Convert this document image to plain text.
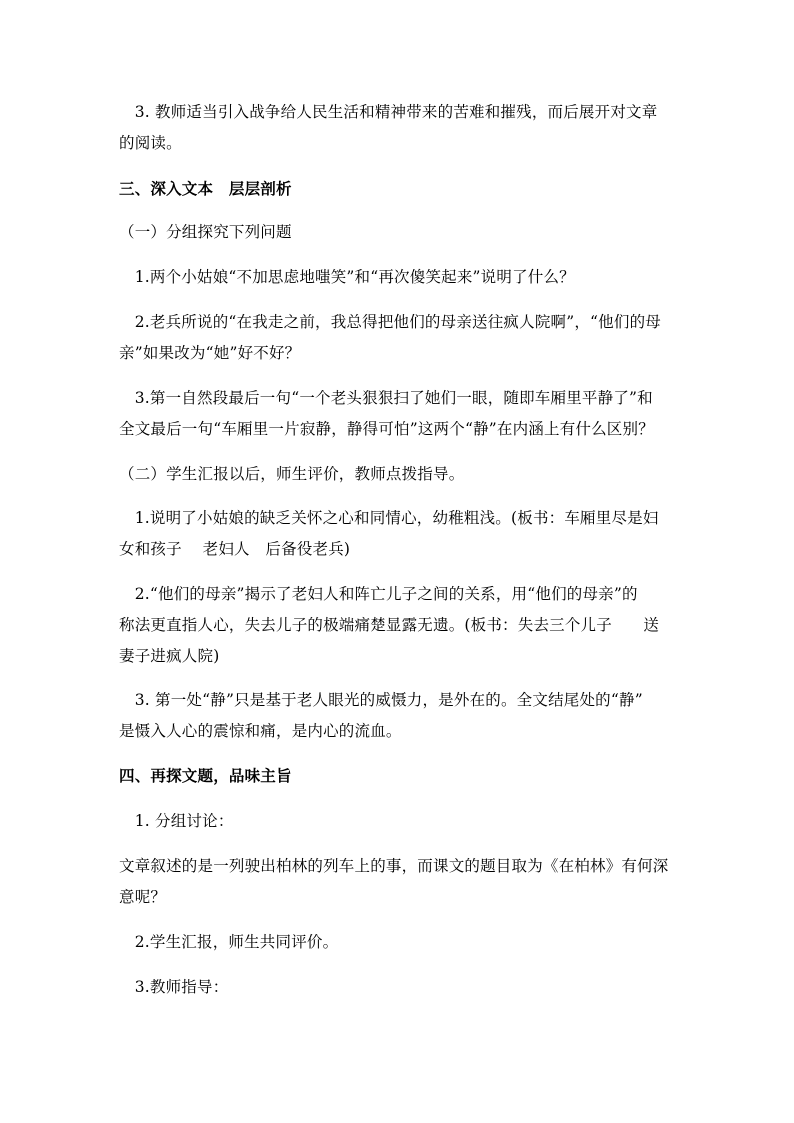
　3. 教师适当引入战争给人民生活和精神带来的苦难和摧残，而后展开对文章
的阅读。
三、深入文本　层层剖析
（一）分组探究下列问题
　1.两个小姑娘“不加思虑地嗤笑”和“再次傻笑起来”说明了什么？
　2.老兵所说的“在我走之前，我总得把他们的母亲送往疯人院啊”，“他们的母
亲”如果改为“她”好不好？
　3.第一自然段最后一句“一个老头狠狠扫了她们一眼，随即车厢里平静了”和
全文最后一句“车厢里一片寂静，静得可怕”这两个“静”在内涵上有什么区别？
（二）学生汇报以后，师生评价，教师点拨指导。
　1.说明了小姑娘的缺乏关怀之心和同情心，幼稚粗浅。(板书：车厢里尽是妇
女和孩子　 老妇人　后备役老兵)
　2.“他们的母亲”揭示了老妇人和阵亡儿子之间的关系，用“他们的母亲”的
称法更直指人心，失去儿子的极端痛楚显露无遗。(板书：失去三个儿子　　送
妻子进疯人院)
　3. 第一处“静”只是基于老人眼光的威慑力，是外在的。全文结尾处的“静”
是慑入人心的震惊和痛，是内心的流血。
四、再探文题，品味主旨
　1. 分组讨论：
文章叙述的是一列驶出柏林的列车上的事，而课文的题目取为《在柏林》有何深
意呢？
　2.学生汇报，师生共同评价。
　3.教师指导：
